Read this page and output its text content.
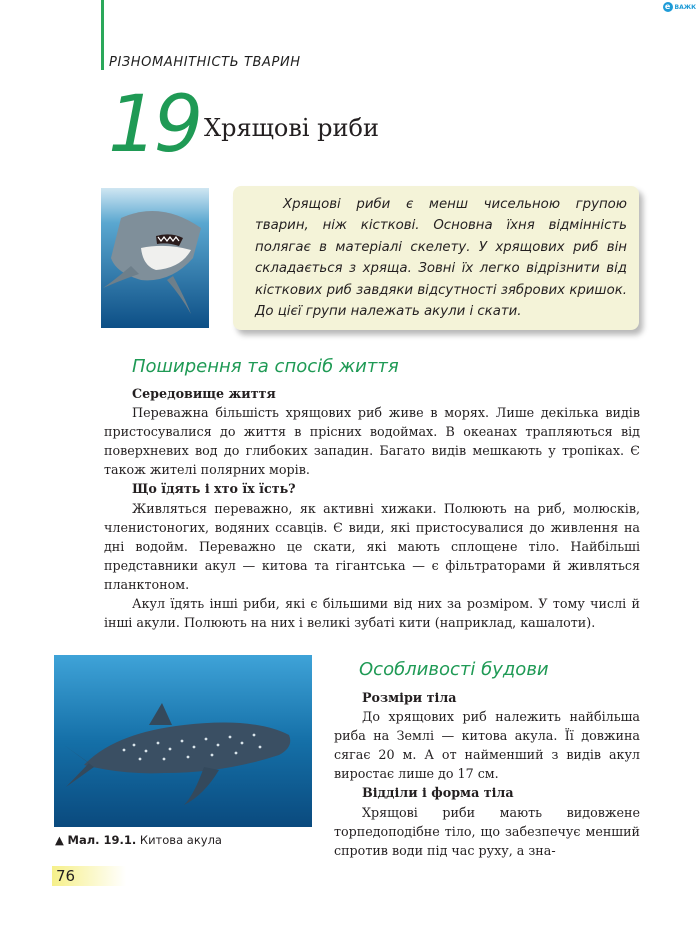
РІЗНОМАНІТНІСТЬ ТВАРИН
e ВАЖК
19 Хрящові риби

Хрящові риби є менш чисельною групою тварин, ніж кісткові. Основна їхня відмінність полягає в матеріалі скелету. У хрящових риб він складається з хряща. Зовні їх легко відрізнити від кісткових риб завдяки відсутності зябрових кришок. До цієї групи належать акули і скати.

Поширення та спосіб життя
Середовище життя

Переважна більшість хрящових риб живе в морях. Лише декілька видів пристосувалися до життя в прісних водоймах. В океанах трапляються від поверхневих вод до глибоких западин. Багато видів мешкають у тропіках. Є також жителі полярних морів.

Що їдять і хто їх їсть?

Живляться переважно, як активні хижаки. Полюють на риб, молюсків, членистоногих, водяних ссавців. Є види, які пристосувалися до живлення на дні водойм. Переважно це скати, які мають сплощене тіло. Найбільші представники акул — китова та гігантська — є фільтраторами й живляться планктоном.

Акул їдять інші риби, які є більшими від них за розміром. У тому числі й інші акули. Полюють на них і великі зубаті кити (наприклад, кашалоти).

▲ Мал. 19.1. Китова акула
Особливості будови
Розміри тіла

До хрящових риб належить найбільша риба на Землі — китова акула. Її довжина сягає 20 м. А от найменший з видів акул виростає лише до 17 см.

Відділи і форма тіла

Хрящові риби мають видовжене торпедоподібне тіло, що забезпечує менший спротив води під час руху, а зна-

76
